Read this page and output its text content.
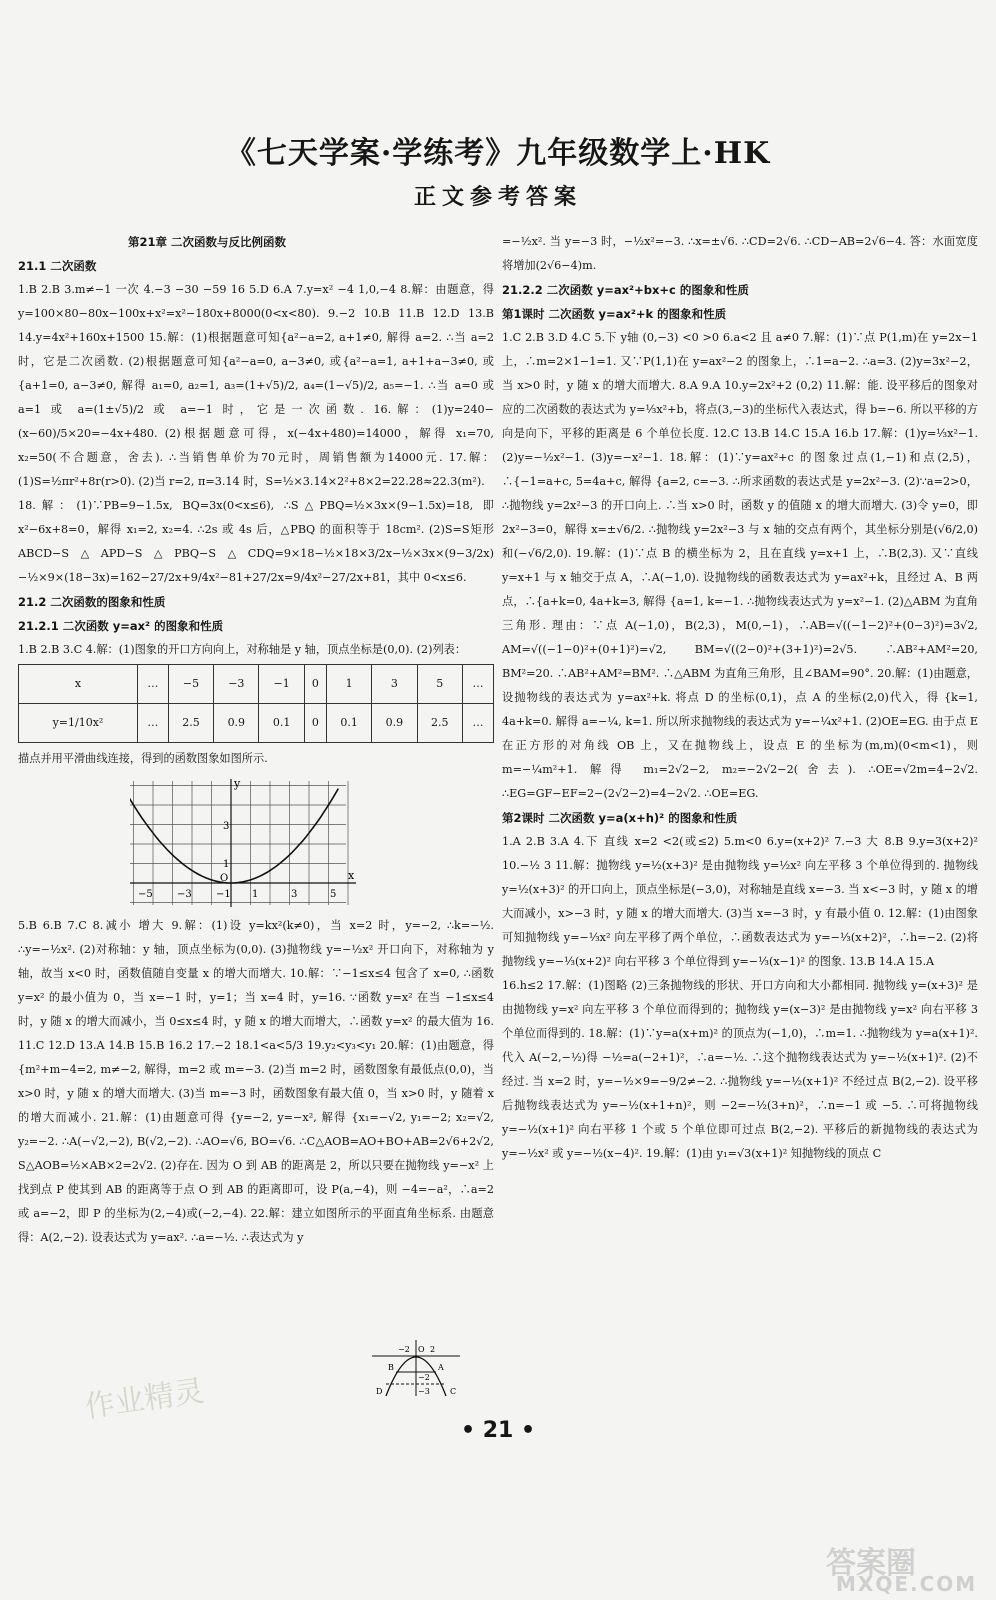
《七天学案·学练考》九年级数学上·HK
正文参考答案

第21章 二次函数与反比例函数

21.1 二次函数

1.B 2.B 3.m≠−1 一次 4.−3 −30 −59 16 5.D 6.A 7.y=x² −4 1,0,−4 8.解：由题意，得 y=100×80−80x−100x+x²=x²−180x+8000(0<x<80). 9.−2 10.B 11.B 12.D 13.B 14.y=4x²+160x+1500 15.解：(1)根据题意可知{a²−a=2, a+1≠0, 解得 a=2. ∴当 a=2 时，它是二次函数. (2)根据题意可知{a²−a=0, a−3≠0, 或{a²−a=1, a+1+a−3≠0, 或{a+1=0, a−3≠0, 解得 a₁=0, a₂=1, a₃=(1+√5)/2, a₄=(1−√5)/2, a₅=−1. ∴当 a=0 或 a=1 或 a=(1±√5)/2 或 a=−1 时，它是一次函数. 16.解：(1)y=240−(x−60)/5×20=−4x+480. (2)根据题意可得，x(−4x+480)=14000，解得 x₁=70, x₂=50(不合题意，舍去). ∴当销售单价为70元时，周销售额为14000元. 17.解：(1)S=½πr²+8r(r>0). (2)当 r=2, π=3.14 时，S=½×3.14×2²+8×2=22.28≈22.3(m²).

18.解：(1)∵PB=9−1.5x, BQ=3x(0<x≤6), ∴S△PBQ=½×3x×(9−1.5x)=18, 即 x²−6x+8=0，解得 x₁=2, x₂=4. ∴2s 或 4s 后，△PBQ 的面积等于 18cm². (2)S=S矩形ABCD−S△APD−S△PBQ−S△CDQ=9×18−½×18×3/2x−½×3x×(9−3/2x)−½×9×(18−3x)=162−27/2x+9/4x²−81+27/2x=9/4x²−27/2x+81，其中 0<x≤6.

21.2 二次函数的图象和性质

21.2.1 二次函数 y=ax² 的图象和性质

1.B 2.B 3.C 4.解：(1)图象的开口方向向上，对称轴是 y 轴，顶点坐标是(0,0). (2)列表：

x	…	−5	−3	−1	0	1	3	5	…
y=1/10x²	…	2.5	0.9	0.1	0	0.1	0.9	2.5	…

描点并用平滑曲线连接，得到的函数图象如图所示.

y
x
O
−5 −3 −1 1	3	5
1
3

5.B 6.B 7.C 8.减小 增大 9.解：(1)设 y=kx²(k≠0)，当 x=2 时，y=−2, ∴k=−½. ∴y=−½x². (2)对称轴：y 轴，顶点坐标为(0,0). (3)抛物线 y=−½x² 开口向下，对称轴为 y 轴，故当 x<0 时，函数值随自变量 x 的增大而增大. 10.解：∵−1≤x≤4 包含了 x=0, ∴函数 y=x² 的最小值为 0，当 x=−1 时，y=1；当 x=4 时，y=16. ∵函数 y=x² 在当 −1≤x≤4 时，y 随 x 的增大而减小，当 0≤x≤4 时，y 随 x 的增大而增大，∴函数 y=x² 的最大值为 16. 11.C 12.D 13.A 14.B 15.B 16.2 17.−2 18.1<a<5/3 19.y₂<y₃<y₁ 20.解：(1)由题意，得 {m²+m−4=2, m≠−2, 解得，m=2 或 m=−3. (2)当 m=2 时，函数图象有最低点(0,0)，当 x>0 时，y 随 x 的增大而增大. (3)当 m=−3 时，函数图象有最大值 0，当 x>0 时，y 随着 x 的增大而减小. 21.解：(1)由题意可得 {y=−2, y=−x², 解得 {x₁=−√2, y₁=−2; x₂=√2, y₂=−2. ∴A(−√2,−2), B(√2,−2). ∴AO=√6, BO=√6. ∴C△AOB=AO+BO+AB=2√6+2√2, S△AOB=½×AB×2=2√2. (2)存在. 因为 O 到 AB 的距离是 2，所以只要在抛物线 y=−x² 上找到点 P 使其到 AB 的距离等于点 O 到 AB 的距离即可，设 P(a,−4)，则 −4=−a²，∴a=2 或 a=−2，即 P 的坐标为(2,−4)或(−2,−4). 22.解：建立如图所示的平面直角坐标系. 由题意得：A(2,−2). 设表达式为 y=ax². ∴a=−½. ∴表达式为 y

=−½x². 当 y=−3 时，−½x²=−3. ∴x=±√6. ∴CD=2√6. ∴CD−AB=2√6−4. 答：水面宽度将增加(2√6−4)m.

21.2.2 二次函数 y=ax²+bx+c 的图象和性质

第1课时 二次函数 y=ax²+k 的图象和性质

1.C 2.B 3.D 4.C 5.下 y轴 (0,−3) <0 >0 6.a<2 且 a≠0 7.解：(1)∵点 P(1,m)在 y=2x−1 上，∴m=2×1−1=1. 又∵P(1,1)在 y=ax²−2 的图象上，∴1=a−2. ∴a=3. (2)y=3x²−2，当 x>0 时，y 随 x 的增大而增大. 8.A 9.A 10.y=2x²+2 (0,2) 11.解：能. 设平移后的图象对应的二次函数的表达式为 y=⅓x²+b，将点(3,−3)的坐标代入表达式，得 b=−6. 所以平移的方向是向下，平移的距离是 6 个单位长度. 12.C 13.B 14.C 15.A 16.b 17.解：(1)y=⅓x²−1. (2)y=−½x²−1. (3)y=−x²−1. 18.解：(1)∵y=ax²+c 的图象过点(1,−1)和点(2,5)，∴{−1=a+c, 5=4a+c, 解得 {a=2, c=−3. ∴所求函数的表达式是 y=2x²−3. (2)∵a=2>0，∴抛物线 y=2x²−3 的开口向上. ∴当 x>0 时，函数 y 的值随 x 的增大而增大. (3)令 y=0，即 2x²−3=0，解得 x=±√6/2. ∴抛物线 y=2x²−3 与 x 轴的交点有两个，其坐标分别是(√6/2,0)和(−√6/2,0). 19.解：(1)∵点 B 的横坐标为 2，且在直线 y=x+1 上，∴B(2,3). 又∵直线 y=x+1 与 x 轴交于点 A，∴A(−1,0). 设抛物线的函数表达式为 y=ax²+k，且经过 A、B 两点，∴{a+k=0, 4a+k=3, 解得 {a=1, k=−1. ∴抛物线表达式为 y=x²−1. (2)△ABM 为直角三角形. 理由：∵点 A(−1,0)，B(2,3)，M(0,−1)，∴AB=√((−1−2)²+(0−3)²)=3√2, AM=√((−1−0)²+(0+1)²)=√2, BM=√((2−0)²+(3+1)²)=2√5. ∴AB²+AM²=20, BM²=20. ∴AB²+AM²=BM². ∴△ABM 为直角三角形，且∠BAM=90°. 20.解：(1)由题意，设抛物线的表达式为 y=ax²+k. 将点 D 的坐标(0,1)，点 A 的坐标(2,0)代入，得 {k=1, 4a+k=0. 解得 a=−¼, k=1. 所以所求抛物线的表达式为 y=−¼x²+1. (2)OE=EG. 由于点 E 在正方形的对角线 OB 上，又在抛物线上，设点 E 的坐标为(m,m)(0<m<1)，则 m=−¼m²+1. 解得 m₁=2√2−2, m₂=−2√2−2(舍去). ∴OE=√2m=4−2√2. ∴EG=GF−EF=2−(2√2−2)=4−2√2. ∴OE=EG.

第2课时 二次函数 y=a(x+h)² 的图象和性质

1.A 2.B 3.A 4.下 直线 x=2 <2(或≤2) 5.m<0 6.y=(x+2)² 7.−3 大 8.B 9.y=3(x+2)² 10.−½ 3 11.解：抛物线 y=½(x+3)² 是由抛物线 y=½x² 向左平移 3 个单位得到的. 抛物线 y=½(x+3)² 的开口向上，顶点坐标是(−3,0)，对称轴是直线 x=−3. 当 x<−3 时，y 随 x 的增大而减小，x>−3 时，y 随 x 的增大而增大. (3)当 x=−3 时，y 有最小值 0. 12.解：(1)由图象可知抛物线 y=−⅓x² 向左平移了两个单位，∴函数表达式为 y=−⅓(x+2)²，∴h=−2. (2)将抛物线 y=−⅓(x+2)² 向右平移 3 个单位得到 y=−⅓(x−1)² 的图象. 13.B 14.A 15.A

16.h≤2 17.解：(1)图略 (2)三条抛物线的形状、开口方向和大小都相同. 抛物线 y=(x+3)² 是由抛物线 y=x² 向左平移 3 个单位而得到的；抛物线 y=(x−3)² 是由抛物线 y=x² 向右平移 3 个单位而得到的. 18.解：(1)∵y=a(x+m)² 的顶点为(−1,0)，∴m=1. ∴抛物线为 y=a(x+1)². 代入 A(−2,−½)得 −½=a(−2+1)²，∴a=−½. ∴这个抛物线表达式为 y=−½(x+1)². (2)不经过. 当 x=2 时，y=−½×9=−9/2≠−2. ∴抛物线 y=−½(x+1)² 不经过点 B(2,−2). 设平移后抛物线表达式为 y=−½(x+1+n)²，则 −2=−½(3+n)²，∴n=−1 或 −5. ∴可将抛物线 y=−½(x+1)² 向右平移 1 个或 5 个单位即可过点 B(2,−2). 平移后的新抛物线的表达式为 y=−½x² 或 y=−½(x−4)². 19.解：(1)由 y₁=√3(x+1)² 知抛物线的顶点 C

−2 O 2
A
B
C
D
−2
−3
• 21 •
作业精灵
答案圈
MXQE.COM
